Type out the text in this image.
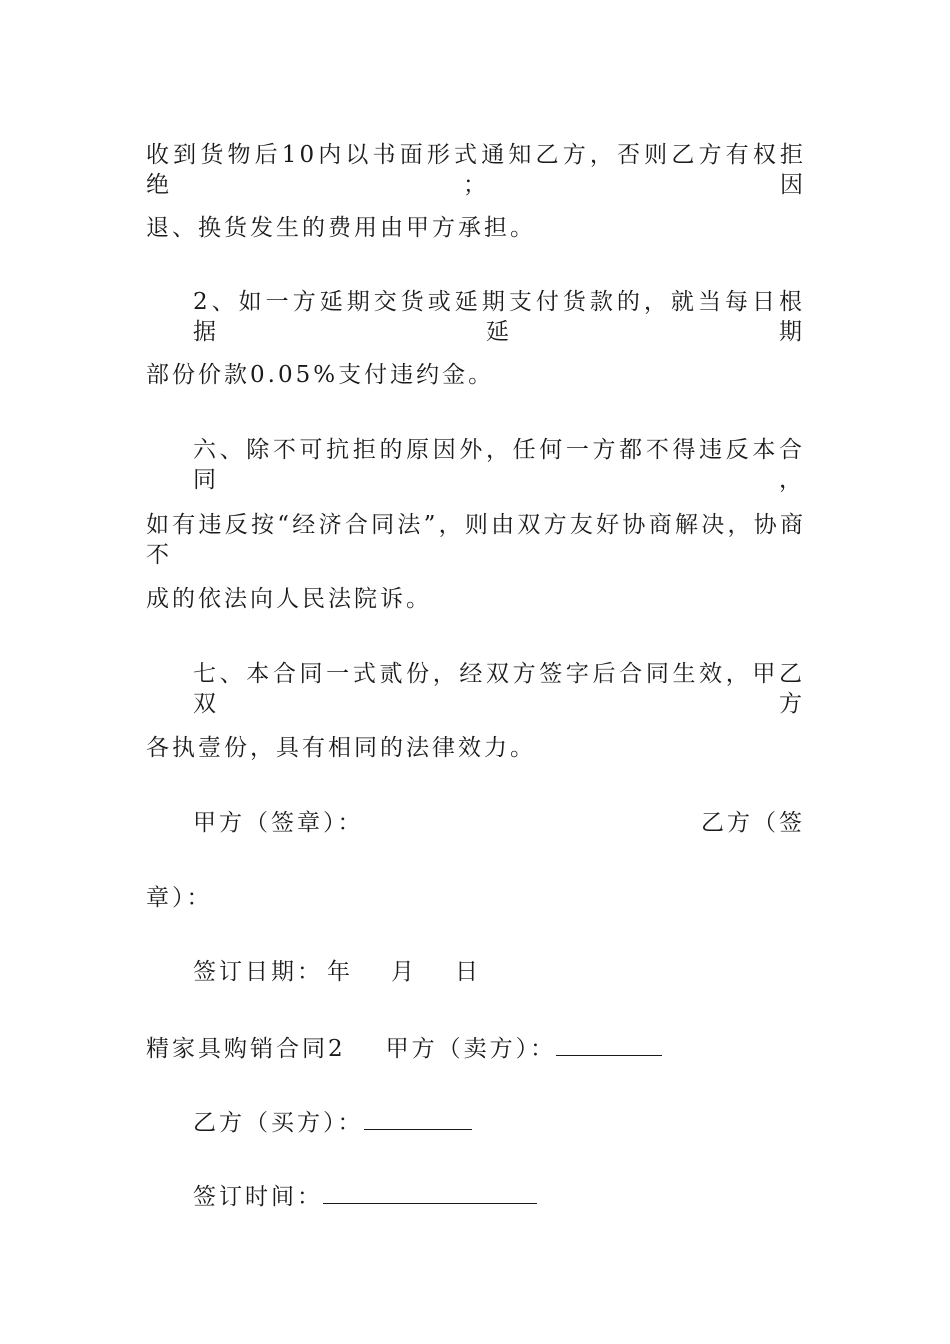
收到货物后10内以书面形式通知乙方，否则乙方有权拒绝；因
退、换货发生的费用由甲方承担。
2、如一方延期交货或延期支付货款的，就当每日根据延期
部份价款0.05%支付违约金。
六、除不可抗拒的原因外，任何一方都不得违反本合同，
如有违反按“经济合同法”，则由双方友好协商解决，协商不
成的依法向人民法院诉。
七、本合同一式贰份，经双方签字后合同生效，甲乙双方
各执壹份，具有相同的法律效力。
甲方（签章）：	乙方（签
章）：
签订日期： 年 月 日
精家具购销合同2 甲方（卖方）：
乙方（买方）：
签订时间：
